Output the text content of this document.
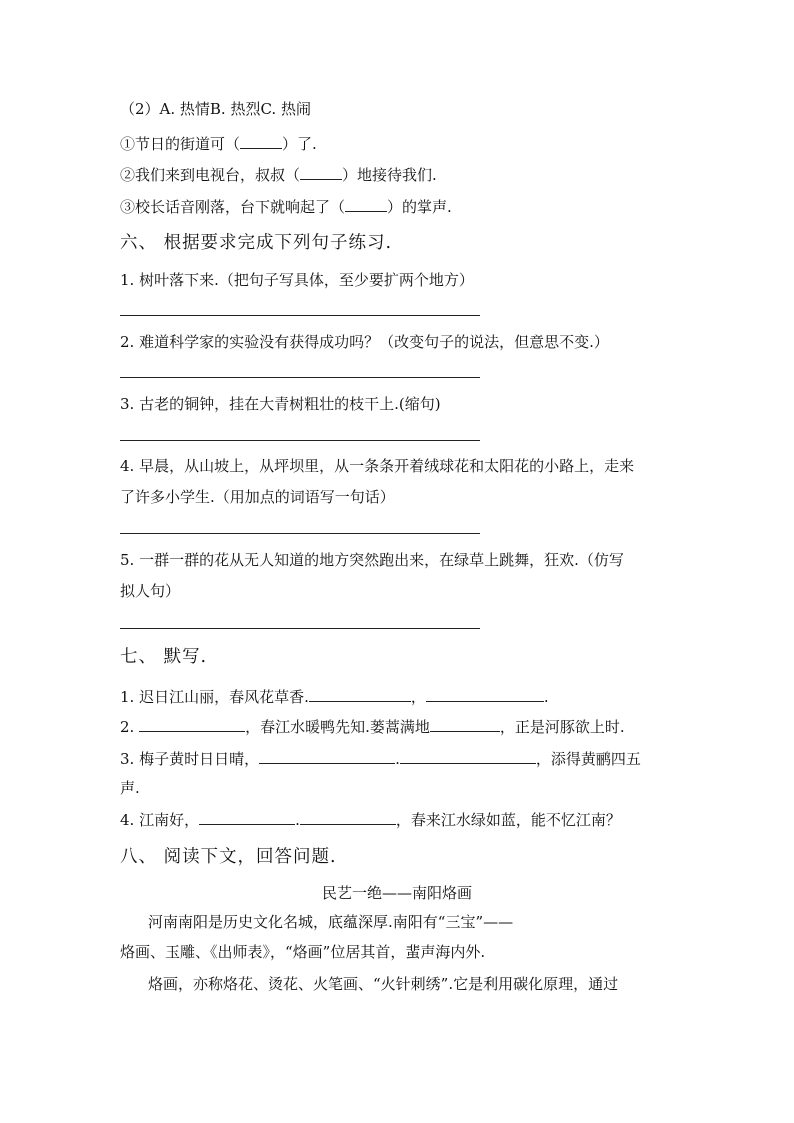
（2）A. 热情B. 热烈C. 热闹
①节日的街道可（	）了.
②我们来到电视台，叔叔（	）地接待我们.
③校长话音刚落，台下就响起了（	）的掌声.
六、 根据要求完成下列句子练习.
1. 树叶落下来.（把句子写具体，至少要扩两个地方）
2. 难道科学家的实验没有获得成功吗？（改变句子的说法，但意思不变.）
3. 古老的铜钟，挂在大青树粗壮的枝干上.(缩句)
4. 早晨，从山坡上，从坪坝里，从一条条开着绒球花和太阳花的小路上，走来
了许多小学生.（用加点的词语写一句话）
5. 一群一群的花从无人知道的地方突然跑出来，在绿草上跳舞，狂欢.（仿写
拟人句）
七、 默写.
1. 迟日江山丽，春风花草香.	，	.
2.	，春江水暖鸭先知.蒌蒿满地	，正是河豚欲上时.
3. 梅子黄时日日晴，	.	，添得黄鹂四五
声.
4. 江南好，	.	，春来江水绿如蓝，能不忆江南？
八、 阅读下文，回答问题.
民艺一绝——南阳烙画
河南南阳是历史文化名城，底蕴深厚.南阳有“三宝”——
烙画、玉雕、《出师表》，“烙画”位居其首，蜚声海内外.
烙画，亦称烙花、烫花、火笔画、“火针刺绣”.它是利用碳化原理，通过
